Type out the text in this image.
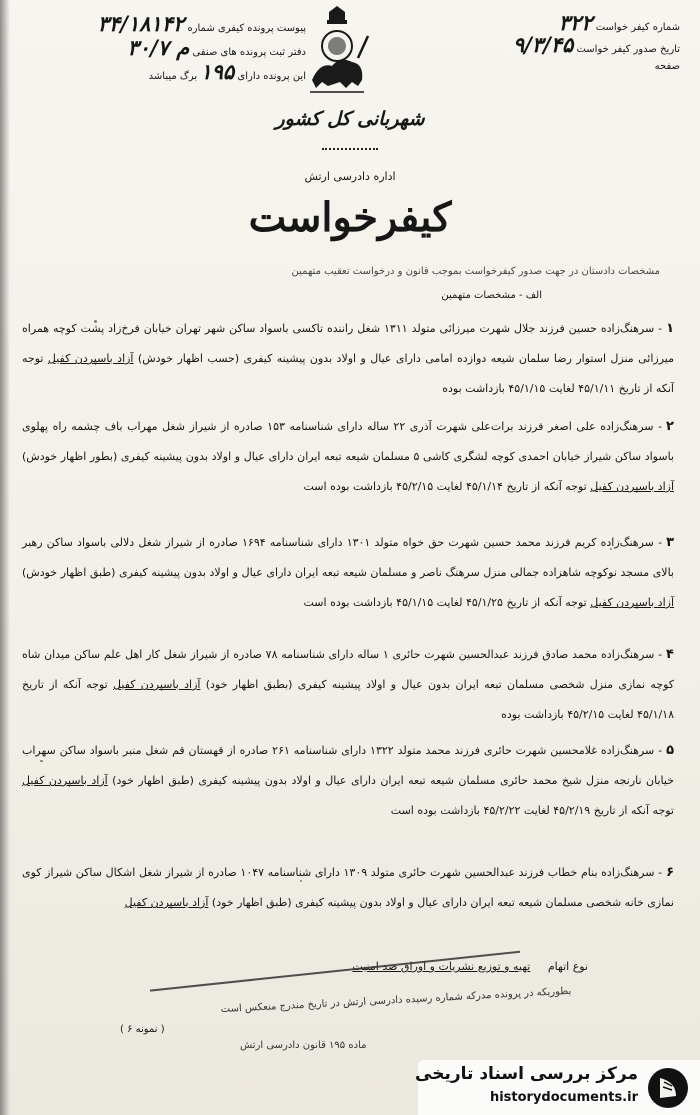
شماره کیفر خواست ۳۲۲
تاریخ صدور کیفر خواست ۹/۳/۴۵
صفحه
پیوست پرونده کیفری شماره ۳۴/۱۸۱۴۲
دفتر ثبت پرونده های صنفی م ۳۰/۷
این پرونده دارای ۱۹۵ برگ میباشد
شهربانی کل کشور
اداره دادرسی ارتش
کیفرخواست
مشخصات دادستان در جهت صدور کیفرخواست بموجب قانون و درخواست تعقیب متهمین
الف - مشخصات متهمین
۱- سرهنگ‌زاده حسین فرزند جلال شهرت میرزائی متولد ۱۳۱۱ شغل راننده تاکسی باسواد ساکن شهر تهران خیابان فرخ‌زاد پشت کوچه همراه میرزائی منزل استوار رضا سلمان شیعه دوازده امامی دارای عیال و اولاد بدون پیشینه کیفری (حسب اظهار خودش) آزاد باسپردن کفیل توجه آنکه از تاریخ ۴۵/۱/۱۱ لغایت ۴۵/۱/۱۵ بازداشت بوده
۲- سرهنگ‌زاده علی اصغر فرزند برات‌علی شهرت آذری ۲۲ ساله دارای شناسنامه ۱۵۳ صادره از شیراز شغل مهراب باف چشمه راه پهلوی باسواد ساکن شیراز خیابان احمدی کوچه لشگری کاشی ۵ مسلمان شیعه تبعه ایران دارای عیال و اولاد بدون پیشینه کیفری (بطور اظهار خودش) آزاد باسپردن کفیل توجه آنکه از تاریخ ۴۵/۱/۱۴ لغایت ۴۵/۲/۱۵ بازداشت بوده است
۳- سرهنگ‌زاده کریم فرزند محمد حسین شهرت حق خواه متولد ۱۳۰۱ دارای شناسنامه ۱۶۹۴ صادره از شیراز شغل دلالی باسواد ساکن رهبر بالای مسجد نوکوچه شاهزاده جمالی منزل سرهنگ ناصر و مسلمان شیعه تبعه ایران دارای عیال و اولاد بدون پیشینه کیفری (طبق اظهار خودش) آزاد باسپردن کفیل توجه آنکه از تاریخ ۴۵/۱/۲۵ لغایت ۴۵/۱/۱۵ بازداشت بوده است
۴- سرهنگ‌زاده محمد صادق فرزند عبدالحسین شهرت حائری ۱ ساله دارای شناسنامه ۷۸ صادره از شیراز شغل کار اهل علم ساکن میدان شاه کوچه نمازی منزل شخصی مسلمان تبعه ایران بدون عیال و اولاد پیشینه کیفری (بطبق اظهار خود) آزاد باسپردن کفیل توجه آنکه از تاریخ ۴۵/۱/۱۸ لغایت ۴۵/۲/۱۵ بازداشت بوده
۵- سرهنگ‌زاده غلامحسین شهرت حائری فرزند محمد متولد ۱۳۲۲ دارای شناسنامه ۲۶۱ صادره از قهستان قم شغل منبر باسواد ساکن سهراب خیابان نارنجه منزل شیخ محمد حائری مسلمان شیعه تبعه ایران دارای عیال و اولاد بدون پیشینه کیفری (طبق اظهار خود) آزاد باسپردن کفیل توجه آنکه از تاریخ ۴۵/۲/۱۹ لغایت ۴۵/۲/۲۲ بازداشت بوده است
۶- سرهنگ‌زاده بنام خطاب فرزند عبدالحسین شهرت حائری متولد ۱۳۰۹ دارای شناسنامه ۱۰۴۷ صادره از شیراز شغل اشکال ساکن شیراز کوی نمازی خانه شخصی مسلمان شیعه تبعه ایران دارای عیال و اولاد بدون پیشینه کیفری (طبق اظهار خود) آزاد باسپردن کفیل
نوع اتهام تهیه و توزیع نشریات و اوراق ضد امنیت
بطوریکه در پرونده مدرکه شماره رسیده دادرسی ارتش در تاریخ مندرج منعکس است
( نمونه ۶ )
ماده ۱۹۵ قانون دادرسی ارتش
مرکز بررسی اسناد تاریخی
historydocuments.ir
